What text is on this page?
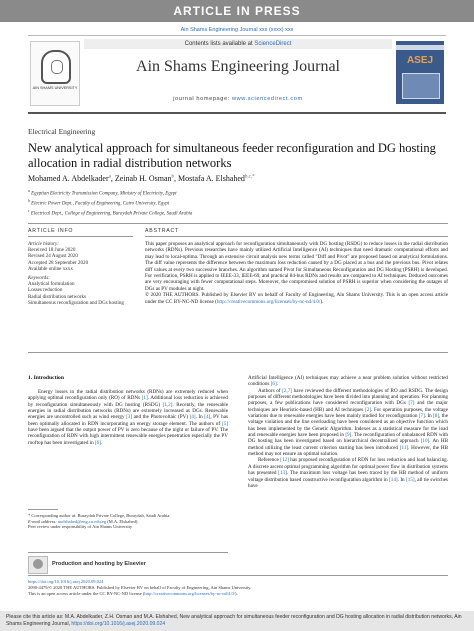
ARTICLE IN PRESS
Ain Shams Engineering Journal xxx (xxxx) xxx
AIN SHAMS UNIVERSITY
Contents lists available at ScienceDirect
Ain Shams Engineering Journal
journal homepage: www.sciencedirect.com
ASEJ
Electrical Engineering
New analytical approach for simultaneous feeder reconfiguration and DG hosting allocation in radial distribution networks
Mohamed A. Abdelkader$^a$, Zeinab H. Osman$^b$, Mostafa A. Elshahed$^{b,c,*}$
$^a$ Egyptian Electricity Transmission Company, Ministry of Electricity, Egypt
$^b$ Electric Power Dept., Faculty of Engineering, Cairo University, Egypt
$^c$ Electrical Dept., College of Engineering, Buraydah Private College, Saudi Arabia
ARTICLE INFO	ABSTRACT
Article history:
Received 18 June 2020
Revised 24 August 2020
Accepted 28 September 2020
Available online xxxx
Keywords:
Analytical formulation
Losses reduction
Radial distribution networks
Simultaneous reconfiguration and DGs hosting
This paper proposes an analytical approach for reconfiguration simultaneously with DG hosting (RSDG) to reduce losses in the radial distribution networks (RDNs). Previous researches have mainly utilized Artificial Intelligence (AI) techniques that need dramatic computational efforts and may lead to local-optima. Through an extensive circuit analysis new terms called "Diff and Pivot" are proposed based on analytical formulations. The diff value represents the difference between the maximum loss reduction caused by a DG placed at a bus and the previous bus. Pivot relates diff values at every two successive branches. An algorithm named Pivot for Simultaneous Reconfiguration and DG Hosting (PSRH) is developed. For verification, PSRH is applied to IEEE-33, IEEE-69, and practical 84-bus RDNs and results are compared to AI techniques. Deduced outcomes are very encouraging with fewer computational steps. Moreover, the compromised solution of PSRH is superior when considering the outages of DGs as PV modules at night.
© 2020 THE AUTHORS. Published by Elsevier BV on behalf of Faculty of Engineering, Ain Shams University. This is an open access article under the CC BY-NC-ND license (http://creativecommons.org/licenses/by-nc-nd/4.0/).
1. Introduction

Energy losses in the radial distribution networks (RDNs) are extremely reduced when applying optimal reconfiguration only (RO) of RDNs [1]. Additional loss reduction is achieved by reconfiguration simultaneously with DG hosting (RSDG) [1,2]. Recently, the renewable energies in radial distribution networks (RDNs) are extremely increased as DGs. Renewable energies are uncontrolled such as wind energy [3] and the Photovoltaic (PV) [4]. In [4], PV has been optimally allocated in RDN incorporating an energy storage element. The authors of [5] have been argued that the output power of PV is zero because of the night or failure of PV. The reconfiguration of RDN with high intermittent renewable energies penetration especially the PV rooftop has been investigated in [6].

Artificial Intelligence (AI) techniques may achieve a near problem solution without restricted conditions [6].

Authors of [2,7] have reviewed the different methodologies of RO and RSDG. The design purposes of different methodologies have been divided into planning and operation. For planning purposes, a few publications have considered reconfiguration with DGs [7] and the major techniques are Heuristic-based (HB) and AI techniques [2]. For operation purposes, the voltage variations due to renewable energies have been mainly studied for reconfiguration [7]. In [8], the voltage violation and the line overloading have been considered as an objective function which has been implemented by the Genetic Algorithm. Indexes as a statistical measure for the load and renewable energies have been proposed in [9]. The reconfiguration of unbalanced RDN with DG hosting has been investigated based on hierarchical decentralized approach [10]. An HB method utilizing the least current criterion starting has been introduced [11]. However, the HB method may not ensure an optimal solution.

Reference [12] has proposed reconfiguration of RDN for loss reduction and load balancing. A discrete ascent optimal programming algorithm for optimal power flow in distribution systems has presented [13]. The maximum loss voltage has been traced by the HB method of uniform voltage distribution based constructive reconfiguration algorithm in [14]. In [15], all tie switches have

* Corresponding author at: Buraydah Private College, Buraydah, Saudi Arabia.
E-mail address: melshahed@eng.cu.edu.eg (M.A. Elshahed).
Peer review under responsibility of Ain Shams University
Production and hosting by Elsevier
https://doi.org/10.1016/j.asej.2020.09.024
2090-4479/© 2020 THE AUTHORS. Published by Elsevier BV on behalf of Faculty of Engineering, Ain Shams University.
This is an open access article under the CC BY-NC-ND license (http://creativecommons.org/licenses/by-nc-nd/4.0/).
Please cite this article as: M.A. Abdelkader, Z.H. Osman and M.A. Elshahed, New analytical approach for simultaneous feeder reconfiguration and DG hosting allocation in radial distribution networks, Ain Shams Engineering Journal, https://doi.org/10.1016/j.asej.2020.09.024
